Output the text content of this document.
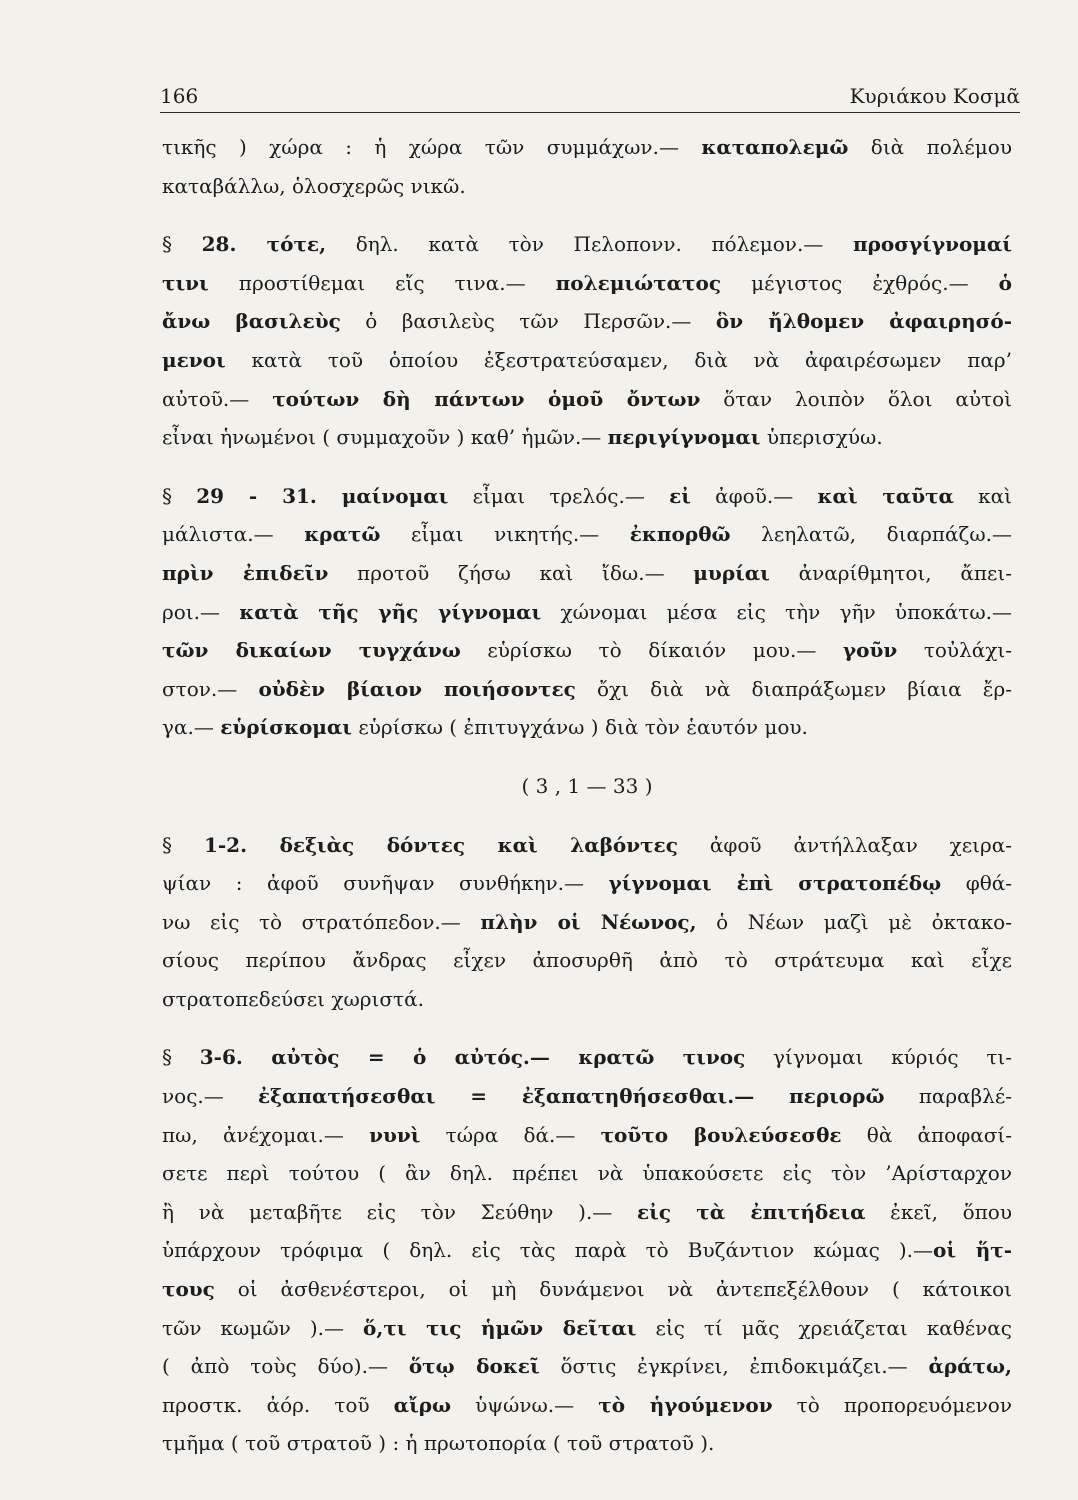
166	Κυριάκου Κοσμᾶ
τικῆς ) χώρα : ἡ χώρα τῶν συμμάχων.— καταπολεμῶ διὰ πολέμου
καταβάλλω, ὁλοσχερῶς νικῶ.
§ 28. τότε, δηλ. κατὰ τὸν Πελοπονν. πόλεμον.— προσγίγνομαί
τινι προστίθεμαι εἴς τινα.— πολεμιώτατος μέγιστος ἐχθρός.— ὁ
ἄνω βασιλεὺς ὁ βασιλεὺς τῶν Περσῶν.— ὃν ἤλθομεν ἀφαιρησό-
μενοι κατὰ τοῦ ὁποίου ἐξεστρατεύσαμεν, διὰ νὰ ἀφαιρέσωμεν παρ’
αὐτοῦ.— τούτων δὴ πάντων ὁμοῦ ὄντων ὅταν λοιπὸν ὅλοι αὐτοὶ
εἶναι ἡνωμένοι ( συμμαχοῦν ) καθ’ ἡμῶν.— περιγίγνομαι ὑπερισχύω.
§ 29 - 31. μαίνομαι εἶμαι τρελός.— εἰ ἀφοῦ.— καὶ ταῦτα καὶ
μάλιστα.— κρατῶ εἶμαι νικητής.— ἐκπορθῶ λεηλατῶ, διαρπάζω.—
πρὶν ἐπιδεῖν προτοῦ ζήσω καὶ ἴδω.— μυρίαι ἀναρίθμητοι, ἄπει-
ροι.— κατὰ τῆς γῆς γίγνομαι χώνομαι μέσα εἰς τὴν γῆν ὑποκάτω.—
τῶν δικαίων τυγχάνω εὑρίσκω τὸ δίκαιόν μου.— γοῦν τοὐλάχι-
στον.— οὐδὲν βίαιον ποιήσοντες ὄχι διὰ νὰ διαπράξωμεν βίαια ἔρ-
γα.— εὑρίσκομαι εὑρίσκω ( ἐπιτυγχάνω ) διὰ τὸν ἑαυτόν μου.
( 3 , 1 — 33 )
§ 1-2. δεξιὰς δόντες καὶ λαβόντες ἀφοῦ ἀντήλλαξαν χειρα-
ψίαν : ἀφοῦ συνῆψαν συνθήκην.— γίγνομαι ἐπὶ στρατοπέδῳ φθά-
νω εἰς τὸ στρατόπεδον.— πλὴν οἱ Νέωνος, ὁ Νέων μαζὶ μὲ ὀκτακο-
σίους περίπου ἄνδρας εἶχεν ἀποσυρθῆ ἀπὸ τὸ στράτευμα καὶ εἶχε
στρατοπεδεύσει χωριστά.
§ 3-6. αὐτὸς = ὁ αὐτός.— κρατῶ τινος γίγνομαι κύριός τι-
νος.— ἐξαπατήσεσθαι = ἐξαπατηθήσεσθαι.— περιορῶ παραβλέ-
πω, ἀνέχομαι.— νυνὶ τώρα δά.— τοῦτο βουλεύσεσθε θὰ ἀποφασί-
σετε περὶ τούτου ( ἂν δηλ. πρέπει νὰ ὑπακούσετε εἰς τὸν ’Αρίσταρχον
ἢ νὰ μεταβῆτε εἰς τὸν Σεύθην ).— εἰς τὰ ἐπιτήδεια ἐκεῖ, ὅπου
ὑπάρχουν τρόφιμα ( δηλ. εἰς τὰς παρὰ τὸ Βυζάντιον κώμας ).—οἱ ἥτ-
τους οἱ ἀσθενέστεροι, οἱ μὴ δυνάμενοι νὰ ἀντεπεξέλθουν ( κάτοικοι
τῶν κωμῶν ).— ὅ,τι τις ἡμῶν δεῖται εἰς τί μᾶς χρειάζεται καθένας
( ἀπὸ τοὺς δύο).— ὅτῳ δοκεῖ ὅστις ἐγκρίνει, ἐπιδοκιμάζει.— ἀράτω,
προστκ. ἀόρ. τοῦ αἴρω ὑψώνω.— τὸ ἡγούμενον τὸ προπορευόμενον
τμῆμα ( τοῦ στρατοῦ ) : ἡ πρωτοπορία ( τοῦ στρατοῦ ).
